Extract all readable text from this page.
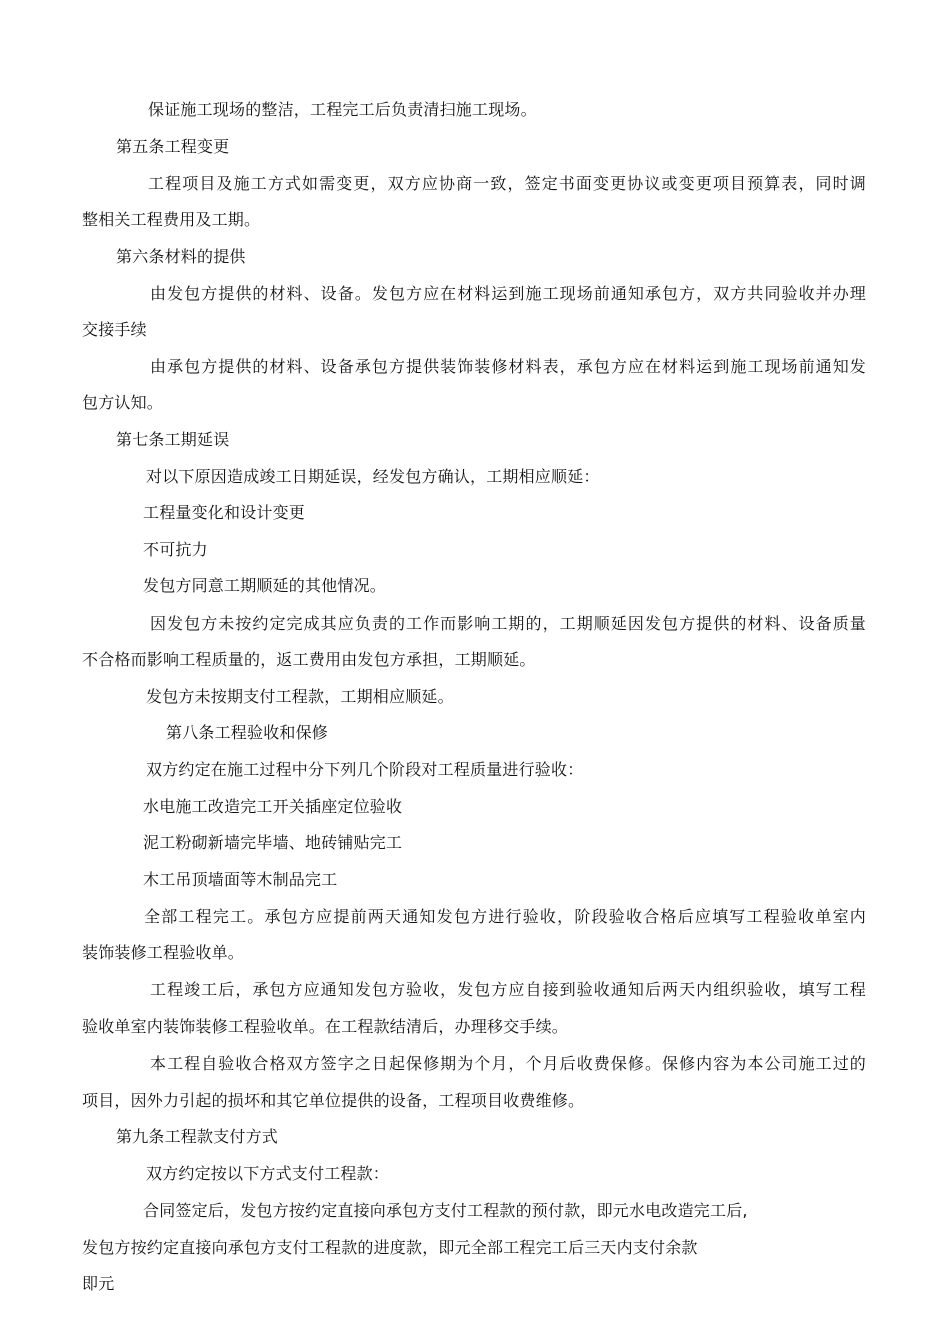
保证施工现场的整洁，工程完工后负责清扫施工现场。
第五条工程变更
工程项目及施工方式如需变更，双方应协商一致，签定书面变更协议或变更项目预算表，同时调
整相关工程费用及工期。
第六条材料的提供
由发包方提供的材料、设备。发包方应在材料运到施工现场前通知承包方，双方共同验收并办理
交接手续
由承包方提供的材料、设备承包方提供装饰装修材料表，承包方应在材料运到施工现场前通知发
包方认知。
第七条工期延误
对以下原因造成竣工日期延误，经发包方确认，工期相应顺延：
工程量变化和设计变更
不可抗力
发包方同意工期顺延的其他情况。
因发包方未按约定完成其应负责的工作而影响工期的，工期顺延因发包方提供的材料、设备质量
不合格而影响工程质量的，返工费用由发包方承担，工期顺延。
发包方未按期支付工程款，工期相应顺延。
第八条工程验收和保修
双方约定在施工过程中分下列几个阶段对工程质量进行验收：
水电施工改造完工开关插座定位验收
泥工粉砌新墙完毕墙、地砖铺贴完工
木工吊顶墙面等木制品完工
全部工程完工。承包方应提前两天通知发包方进行验收，阶段验收合格后应填写工程验收单室内
装饰装修工程验收单。
工程竣工后，承包方应通知发包方验收，发包方应自接到验收通知后两天内组织验收，填写工程
验收单室内装饰装修工程验收单。在工程款结清后，办理移交手续。
本工程自验收合格双方签字之日起保修期为个月，个月后收费保修。保修内容为本公司施工过的
项目，因外力引起的损坏和其它单位提供的设备，工程项目收费维修。
第九条工程款支付方式
双方约定按以下方式支付工程款：
合同签定后，发包方按约定直接向承包方支付工程款的预付款，即元水电改造完工后,
发包方按约定直接向承包方支付工程款的进度款，即元全部工程完工后三天内支付余款
即元
